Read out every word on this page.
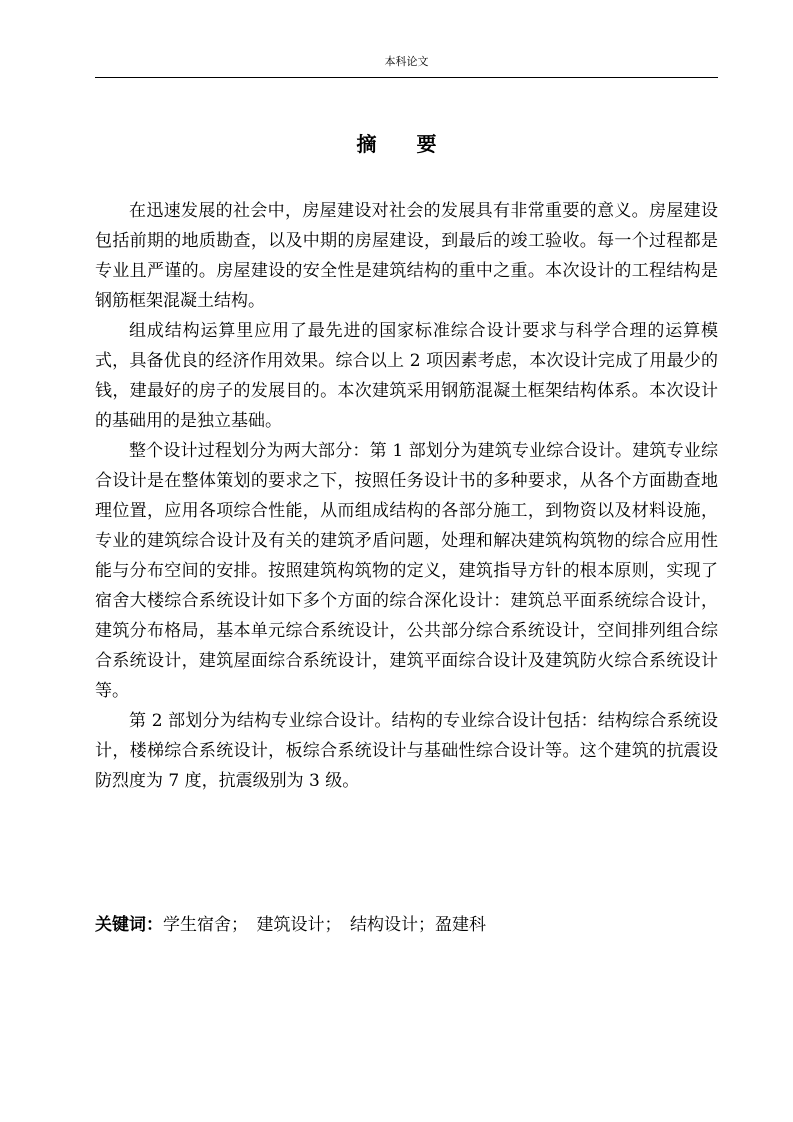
本科论文
摘　　要

在迅速发展的社会中，房屋建设对社会的发展具有非常重要的意义。房屋建设包括前期的地质勘查，以及中期的房屋建设，到最后的竣工验收。每一个过程都是专业且严谨的。房屋建设的安全性是建筑结构的重中之重。本次设计的工程结构是钢筋框架混凝土结构。

组成结构运算里应用了最先进的国家标准综合设计要求与科学合理的运算模式，具备优良的经济作用效果。综合以上 2 项因素考虑，本次设计完成了用最少的钱，建最好的房子的发展目的。本次建筑采用钢筋混凝土框架结构体系。本次设计的基础用的是独立基础。

整个设计过程划分为两大部分：第 1 部划分为建筑专业综合设计。建筑专业综合设计是在整体策划的要求之下，按照任务设计书的多种要求，从各个方面勘查地理位置，应用各项综合性能，从而组成结构的各部分施工，到物资以及材料设施，专业的建筑综合设计及有关的建筑矛盾问题，处理和解决建筑构筑物的综合应用性能与分布空间的安排。按照建筑构筑物的定义，建筑指导方针的根本原则，实现了宿舍大楼综合系统设计如下多个方面的综合深化设计：建筑总平面系统综合设计，建筑分布格局，基本单元综合系统设计，公共部分综合系统设计，空间排列组合综合系统设计，建筑屋面综合系统设计，建筑平面综合设计及建筑防火综合系统设计等。

第 2 部划分为结构专业综合设计。结构的专业综合设计包括：结构综合系统设计，楼梯综合系统设计，板综合系统设计与基础性综合设计等。这个建筑的抗震设防烈度为 7 度，抗震级别为 3 级。

关键词：学生宿舍；　建筑设计；　结构设计；盈建科
